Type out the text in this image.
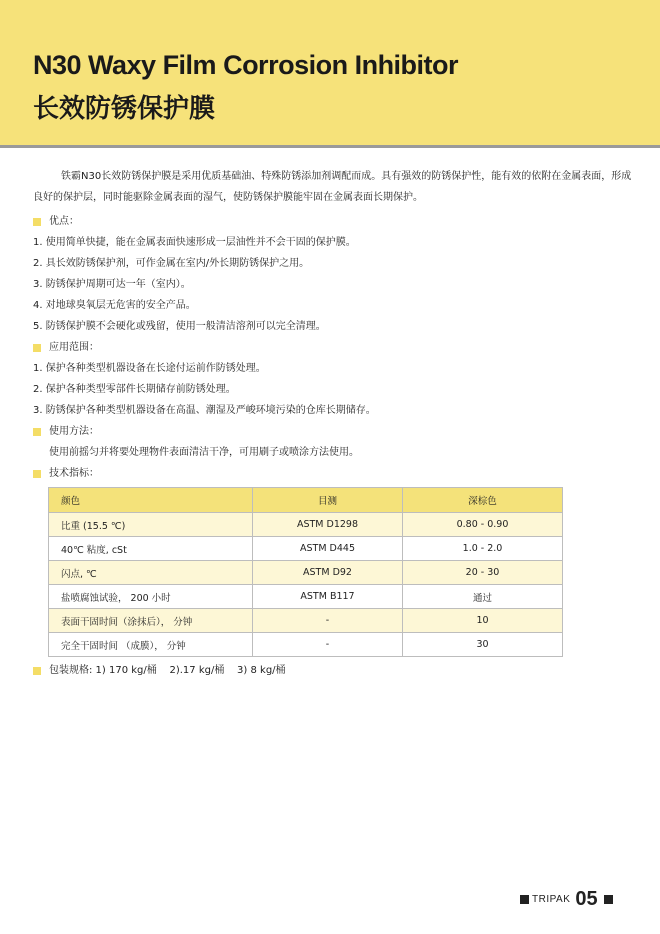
N30 Waxy Film Corrosion Inhibitor
长效防锈保护膜

铁霸N30长效防锈保护膜是采用优质基础油、特殊防锈添加剂调配而成。具有强效的防锈保护性，能有效的依附在金属表面，形成良好的保护层，同时能驱除金属表面的湿气，使防锈保护膜能牢固在金属表面长期保护。

优点：
1. 使用简单快捷，能在金属表面快速形成一层油性并不会干固的保护膜。
2. 具长效防锈保护剂，可作金属在室内/外长期防锈保护之用。
3. 防锈保护周期可达一年（室内）。
4. 对地球臭氧层无危害的安全产品。
5. 防锈保护膜不会硬化或残留，使用一般清洁溶剂可以完全清理。
应用范围：
1. 保护各种类型机器设备在长途付运前作防锈处理。
2. 保护各种类型零部件长期储存前防锈处理。
3. 防锈保护各种类型机器设备在高温、潮湿及严峻环境污染的仓库长期储存。
使用方法：
使用前摇匀并将要处理物件表面清洁干净，可用刷子或喷涂方法使用。
技术指标：
颜色	目测	深棕色
比重 (15.5 ℃)	ASTM D1298	0.80 - 0.90
40℃ 粘度, cSt	ASTM D445	1.0 - 2.0
闪点, ℃	ASTM D92	20 - 30
盐喷腐蚀试验， 200 小时	ASTM B117	通过
表面干固时间（涂抹后）， 分钟	-	10
完全干固时间 （成膜）， 分钟	-	30
包装规格: 1) 170 kg/桶    2).17 kg/桶    3) 8 kg/桶
TRIPAK 05
